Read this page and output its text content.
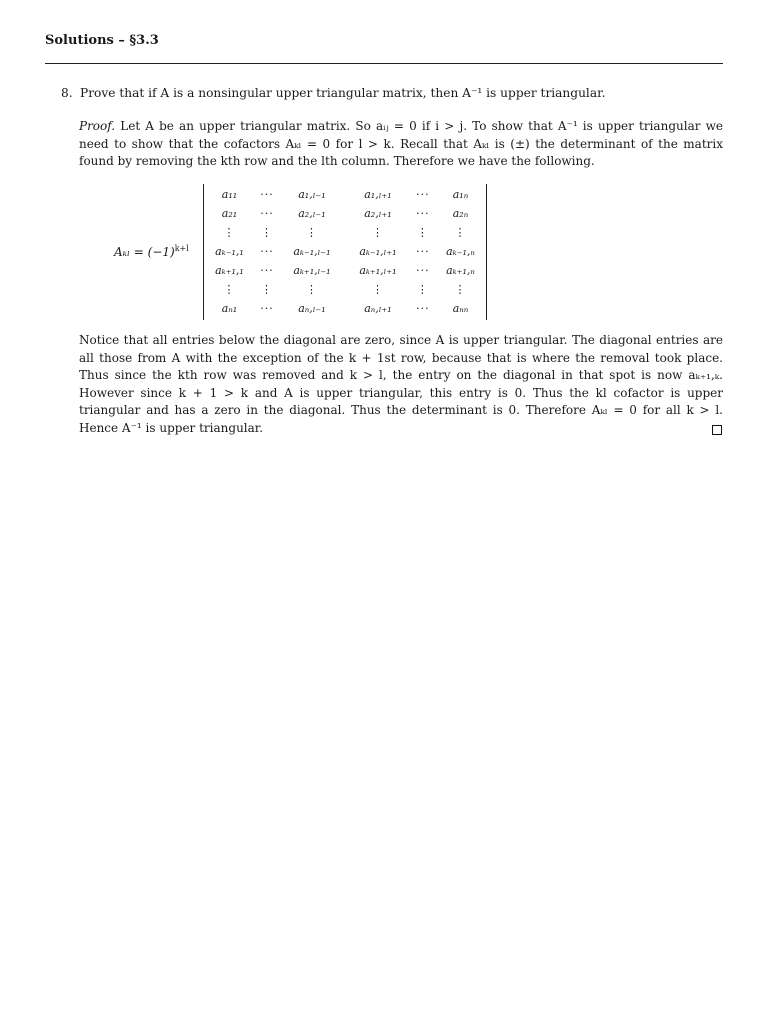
Solutions – §3.3
8. Prove that if A is a nonsingular upper triangular matrix, then A⁻¹ is upper triangular.
Proof. Let A be an upper triangular matrix. So aᵢⱼ = 0 if i > j. To show that A⁻¹ is upper triangular we need to show that the cofactors Aₖₗ = 0 for l > k. Recall that Aₖₗ is (±) the determinant of the matrix found by removing the kth row and the lth column. Therefore we have the following.
$A_{kl} = (-1)^{k+l}$
a₁₁	···	a₁,ₗ₋₁	a₁,ₗ₊₁	···	a₁ₙ
a₂₁	···	a₂,ₗ₋₁	a₂,ₗ₊₁	···	a₂ₙ
⋮	⋮	⋮	⋮	⋮	⋮
aₖ₋₁,₁	···	aₖ₋₁,ₗ₋₁	aₖ₋₁,ₗ₊₁	···	aₖ₋₁,ₙ
aₖ₊₁,₁	···	aₖ₊₁,ₗ₋₁	aₖ₊₁,ₗ₊₁	···	aₖ₊₁,ₙ
⋮	⋮	⋮	⋮	⋮	⋮
aₙ₁	···	aₙ,ₗ₋₁	aₙ,ₗ₊₁	···	aₙₙ
Notice that all entries below the diagonal are zero, since A is upper triangular. The diagonal entries are all those from A with the exception of the k + 1st row, because that is where the removal took place. Thus since the kth row was removed and k > l, the entry on the diagonal in that spot is now aₖ₊₁,ₖ. However since k + 1 > k and A is upper triangular, this entry is 0. Thus the kl cofactor is upper triangular and has a zero in the diagonal. Thus the determinant is 0. Therefore Aₖₗ = 0 for all k > l. Hence A⁻¹ is upper triangular.
